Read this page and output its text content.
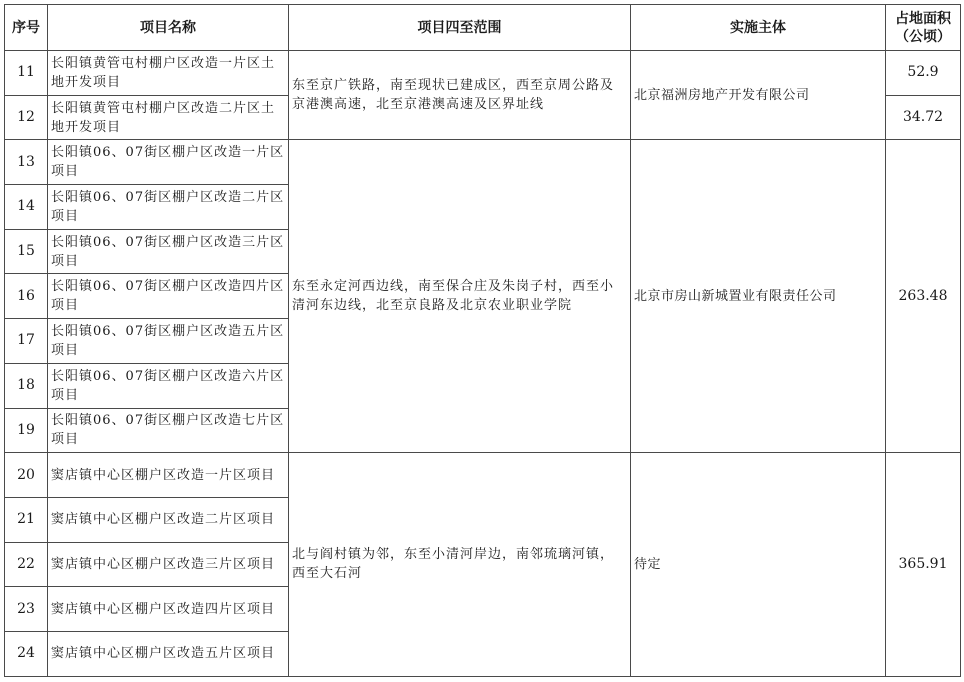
序号	项目名称	项目四至范围	实施主体	占地面积
（公顷）
11	长阳镇黄管屯村棚户区改造一片区土地开发项目	东至京广铁路，南至现状已建成区，西至京周公路及京港澳高速，北至京港澳高速及区界址线	北京福洲房地产开发有限公司	52.9
12	长阳镇黄管屯村棚户区改造二片区土地开发项目			34.72
13	长阳镇06、07街区棚户区改造一片区项目	东至永定河西边线，南至保合庄及朱岗子村，西至小清河东边线，北至京良路及北京农业职业学院	北京市房山新城置业有限责任公司	263.48
14	长阳镇06、07街区棚户区改造二片区项目			
15	长阳镇06、07街区棚户区改造三片区项目			
16	长阳镇06、07街区棚户区改造四片区项目			
17	长阳镇06、07街区棚户区改造五片区项目			
18	长阳镇06、07街区棚户区改造六片区项目			
19	长阳镇06、07街区棚户区改造七片区项目			
20	窦店镇中心区棚户区改造一片区项目	北与阎村镇为邻，东至小清河岸边，南邻琉璃河镇，西至大石河	待定	365.91
21	窦店镇中心区棚户区改造二片区项目			
22	窦店镇中心区棚户区改造三片区项目			
23	窦店镇中心区棚户区改造四片区项目			
24	窦店镇中心区棚户区改造五片区项目			
